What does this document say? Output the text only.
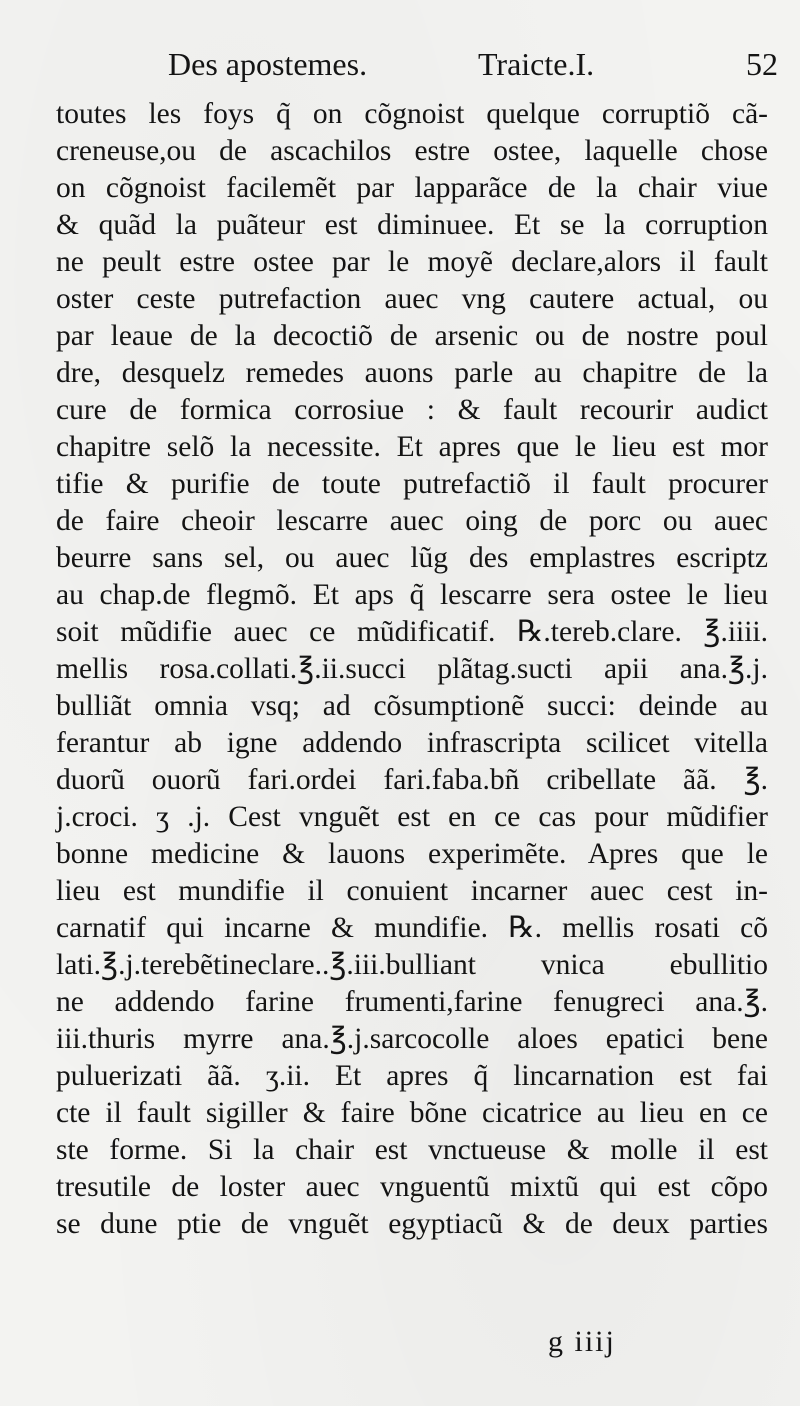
Des apostemes.	Traicte.I.	52
toutes les foys q̃ on cõgnoist quelque corruptiõ cã-
creneuse,ou de ascachilos estre ostee, laquelle chose
on cõgnoist facilemẽt par lapparãce de la chair viue
& quãd la puãteur est diminuee. Et se la corruption
ne peult estre ostee par le moyẽ declare,alors il fault
oster ceste putrefaction auec vng cautere actual, ou
par leaue de la decoctiõ de arsenic ou de nostre poul
dre, desquelz remedes auons parle au chapitre de la
cure de formica corrosiue : & fault recourir audict
chapitre selõ la necessite. Et apres que le lieu est mor
tifie & purifie de toute putrefactiõ il fault procurer
de faire cheoir lescarre auec oing de porc ou auec
beurre sans sel, ou auec lũg des emplastres escriptz
au chap.de flegmõ. Et aps q̃ lescarre sera ostee le lieu
soit mũdifie auec ce mũdificatif. ℞.tereb.clare. ℥.iiii.
mellis rosa.collati.℥.ii.succi plãtag.sucti apii ana.℥.j.
bulliãt omnia vsq; ad cõsumptionẽ succi: deinde au
ferantur ab igne addendo infrascripta scilicet vitella
duorũ ouorũ fari.ordei fari.faba.bñ cribellate ãã. ℥.
j.croci. ʒ .j. Cest vnguẽt est en ce cas pour mũdifier
bonne medicine & lauons experimẽte. Apres que le
lieu est mundifie il conuient incarner auec cest in-
carnatif qui incarne & mundifie. ℞. mellis rosati cõ
lati.℥.j.terebẽtineclare..℥.iii.bulliant vnica ebullitio
ne addendo farine frumenti,farine fenugreci ana.℥.
iii.thuris myrre ana.℥.j.sarcocolle aloes epatici bene
puluerizati ãã. ʒ.ii. Et apres q̃ lincarnation est fai
cte il fault sigiller & faire bõne cicatrice au lieu en ce
ste forme. Si la chair est vnctueuse & molle il est
tresutile de loster auec vnguentũ mixtũ qui est cõpo
se dune ptie de vnguẽt egyptiacũ & de deux parties
g iiij
